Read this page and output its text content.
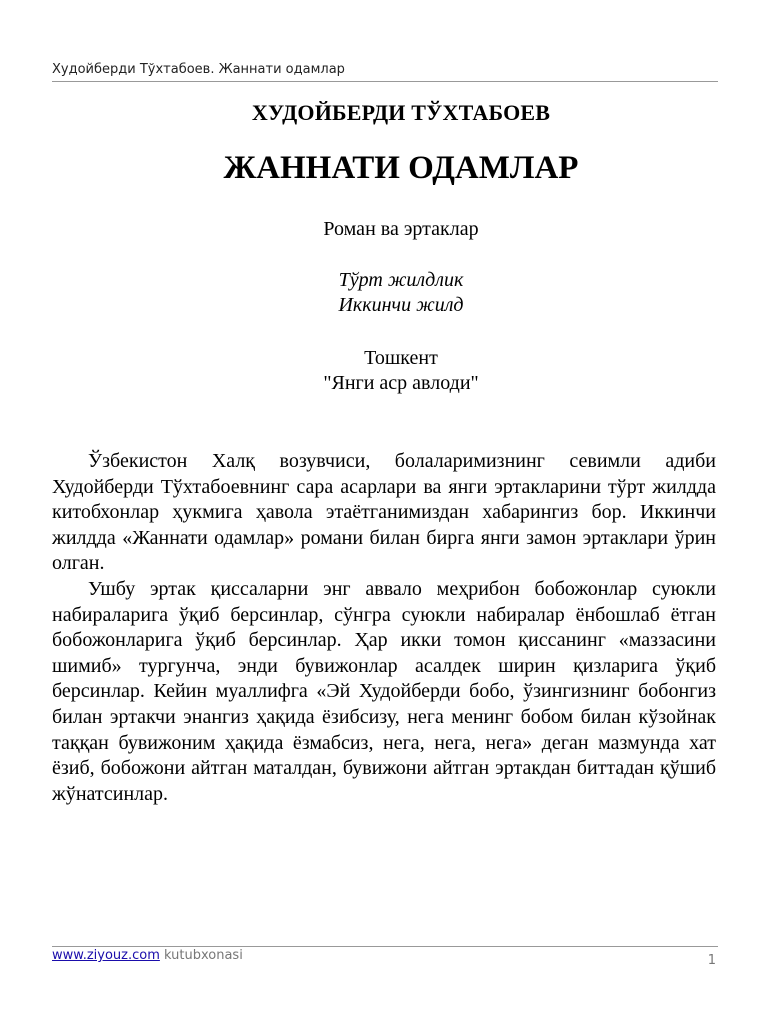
Худойберди Тўхтабоев. Жаннати одамлар
ХУДОЙБЕРДИ ТЎХТАБОЕВ
ЖАННАТИ ОДАМЛАР
Роман ва эртаклар
Тўрт жилдлик
Иккинчи жилд
Тошкент
"Янги аср авлоди"

Ўзбекистон Халқ возувчиси, болаларимизнинг севимли адиби Худойберди Тўхтабоевнинг сара асарлари ва янги эртакларини тўрт жилдда китобхонлар ҳукмига ҳавола этаётганимиздан хабарингиз бор. Иккинчи жилдда «Жаннати одамлар» романи билан бирга янги замон эртаклари ўрин олган.

Ушбу эртак қиссаларни энг аввало меҳрибон бобожонлар суюкли набираларига ўқиб берсинлар, сўнгра суюкли набиралар ёнбошлаб ётган бобожонларига ўқиб берсинлар. Ҳар икки томон қиссанинг «маззасини шимиб» тургунча, энди бувижонлар асалдек ширин қизларига ўқиб берсинлар. Кейин муаллифга «Эй Худойберди бобо, ўзингизнинг бобонгиз билан эртакчи энангиз ҳақида ёзибсизу, нега менинг бобом билан кўзойнак таққан бувижоним ҳақида ёзмабсиз, нега, нега, нега» деган мазмунда хат ёзиб, бобожони айтган маталдан, бувижони айтган эртакдан биттадан қўшиб жўнатсинлар.

www.ziyouz.com kutubxonasi	1
